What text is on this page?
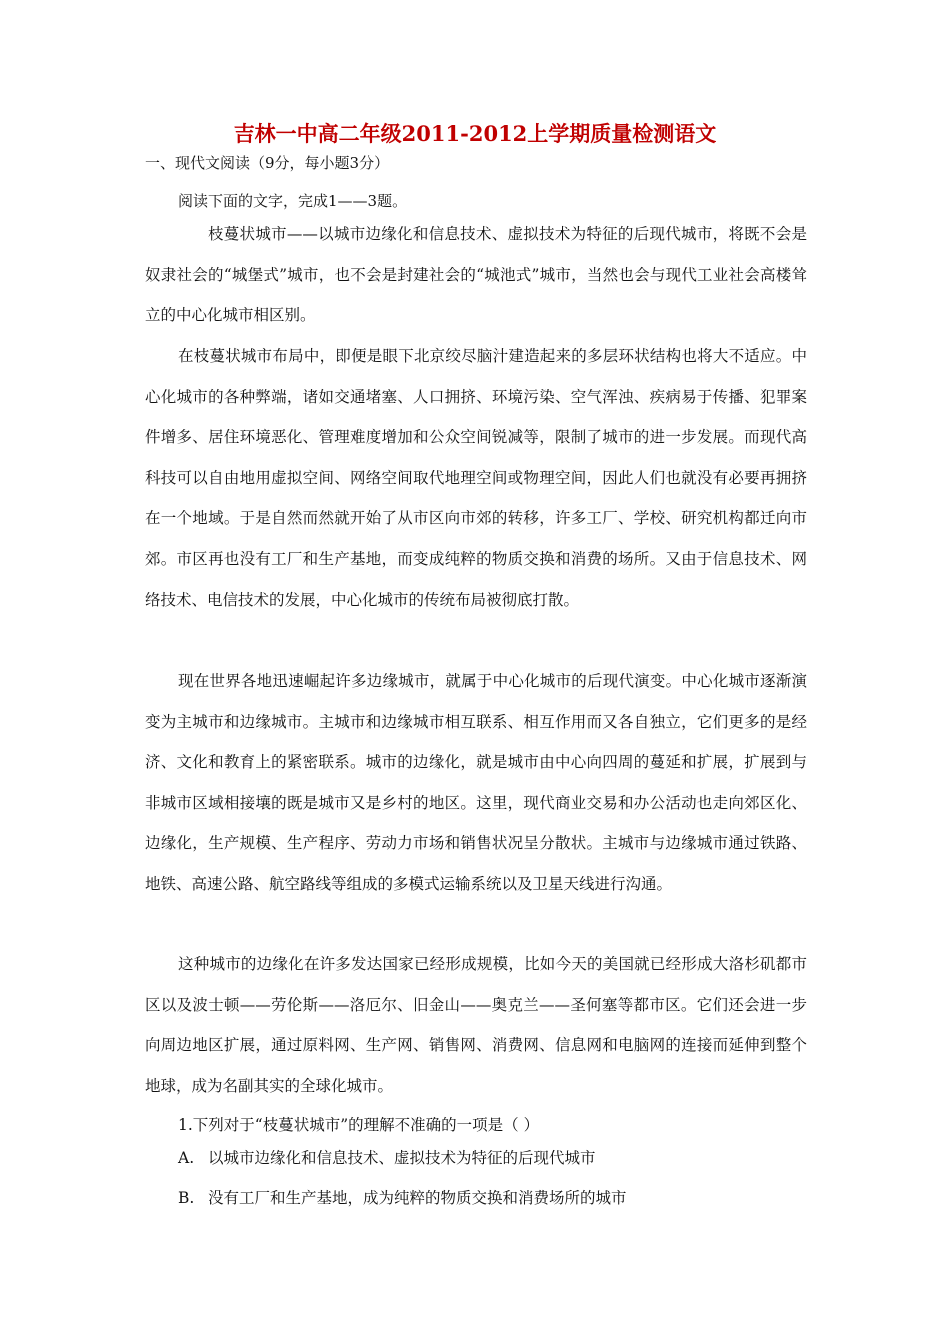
吉林一中高二年级2011-2012上学期质量检测语文
一、现代文阅读（9分，每小题3分）
阅读下面的文字，完成1——3题。

枝蔓状城市——以城市边缘化和信息技术、虚拟技术为特征的后现代城市，将既不会是奴隶社会的“城堡式”城市，也不会是封建社会的“城池式”城市，当然也会与现代工业社会高楼耸立的中心化城市相区别。

在枝蔓状城市布局中，即便是眼下北京绞尽脑汁建造起来的多层环状结构也将大不适应。中心化城市的各种弊端，诸如交通堵塞、人口拥挤、环境污染、空气浑浊、疾病易于传播、犯罪案件增多、居住环境恶化、管理难度增加和公众空间锐减等，限制了城市的进一步发展。而现代高科技可以自由地用虚拟空间、网络空间取代地理空间或物理空间，因此人们也就没有必要再拥挤在一个地域。于是自然而然就开始了从市区向市郊的转移，许多工厂、学校、研究机构都迁向市郊。市区再也没有工厂和生产基地，而变成纯粹的物质交换和消费的场所。又由于信息技术、网络技术、电信技术的发展，中心化城市的传统布局被彻底打散。

现在世界各地迅速崛起许多边缘城市，就属于中心化城市的后现代演变。中心化城市逐渐演变为主城市和边缘城市。主城市和边缘城市相互联系、相互作用而又各自独立，它们更多的是经济、文化和教育上的紧密联系。城市的边缘化，就是城市由中心向四周的蔓延和扩展，扩展到与非城市区域相接壤的既是城市又是乡村的地区。这里，现代商业交易和办公活动也走向郊区化、边缘化，生产规模、生产程序、劳动力市场和销售状况呈分散状。主城市与边缘城市通过铁路、地铁、高速公路、航空路线等组成的多模式运输系统以及卫星天线进行沟通。

这种城市的边缘化在许多发达国家已经形成规模，比如今天的美国就已经形成大洛杉矶都市区以及波士顿——劳伦斯——洛厄尔、旧金山——奥克兰——圣何塞等都市区。它们还会进一步向周边地区扩展，通过原料网、生产网、销售网、消费网、信息网和电脑网的连接而延伸到整个地球，成为名副其实的全球化城市。

1.下列对于“枝蔓状城市”的理解不准确的一项是（ ）
A. 以城市边缘化和信息技术、虚拟技术为特征的后现代城市
B. 没有工厂和生产基地，成为纯粹的物质交换和消费场所的城市
